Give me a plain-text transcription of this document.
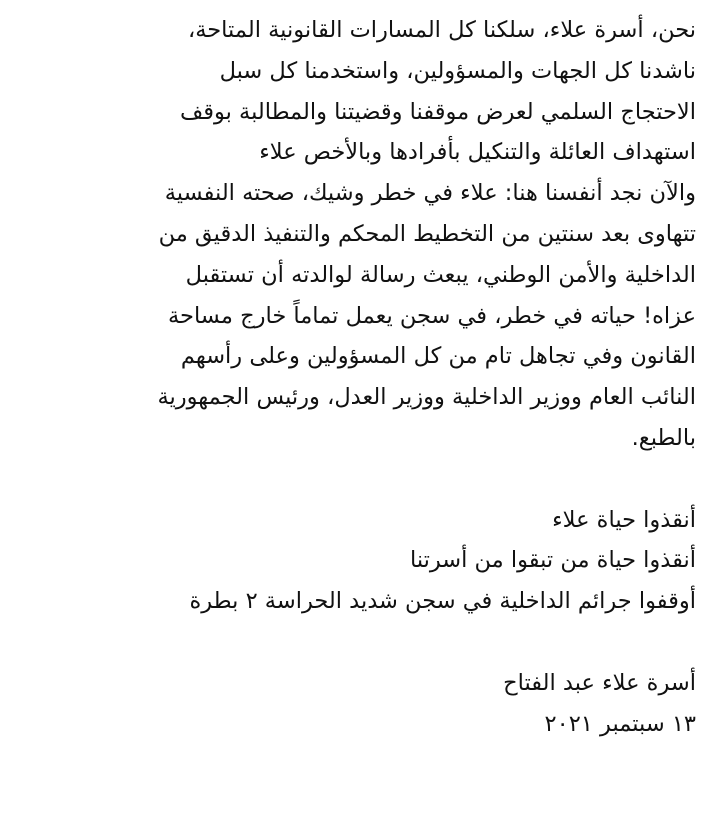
نحن، أسرة علاء، سلكنا كل المسارات القانونية المتاحة،
ناشدنا كل الجهات والمسؤولين، واستخدمنا كل سبل
الاحتجاج السلمي لعرض موقفنا وقضيتنا والمطالبة بوقف
استهداف العائلة والتنكيل بأفرادها وبالأخص علاء
والآن نجد أنفسنا هنا: علاء في خطر وشيك، صحته النفسية
تتهاوى بعد سنتين من التخطيط المحكم والتنفيذ الدقيق من
الداخلية والأمن الوطني، يبعث رسالة لوالدته أن تستقبل
عزاه! حياته في خطر، في سجن يعمل تماماً خارج مساحة
القانون وفي تجاهل تام من كل المسؤولين وعلى رأسهم
النائب العام ووزير الداخلية ووزير العدل، ورئيس الجمهورية
بالطبع.
أنقذوا حياة علاء
أنقذوا حياة من تبقوا من أسرتنا
أوقفوا جرائم الداخلية في سجن شديد الحراسة ٢ بطرة
أسرة علاء عبد الفتاح
١٣ سبتمبر ٢٠٢١
